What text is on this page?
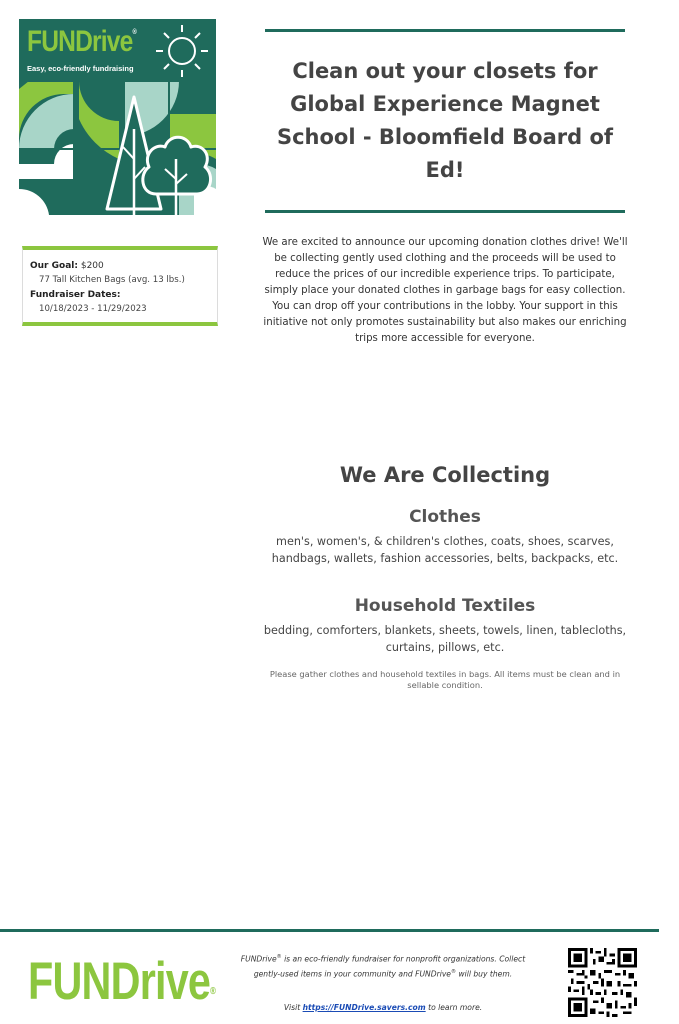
FUNDrive®
Easy, eco-friendly fundraising
Our Goal: $200
77 Tall Kitchen Bags (avg. 13 lbs.)
Fundraiser Dates:
10/18/2023 - 11/29/2023
Clean out your closets for Global Experience Magnet School - Bloomfield Board of Ed!

We are excited to announce our upcoming donation clothes drive! We'll be collecting gently used clothing and the proceeds will be used to reduce the prices of our incredible experience trips. To participate, simply place your donated clothes in garbage bags for easy collection. You can drop off your contributions in the lobby. Your support in this initiative not only promotes sustainability but also makes our enriching trips more accessible for everyone.

We Are Collecting
Clothes

men's, women's, & children's clothes, coats, shoes, scarves, handbags, wallets, fashion accessories, belts, backpacks, etc.

Household Textiles

bedding, comforters, blankets, sheets, towels, linen, tablecloths, curtains, pillows, etc.

Please gather clothes and household textiles in bags. All items must be clean and in sellable condition.

FUNDrive®

FUNDrive® is an eco-friendly fundraiser for nonprofit organizations. Collect gently-used items in your community and FUNDrive® will buy them.

Visit https://FUNDrive.savers.com to learn more.
